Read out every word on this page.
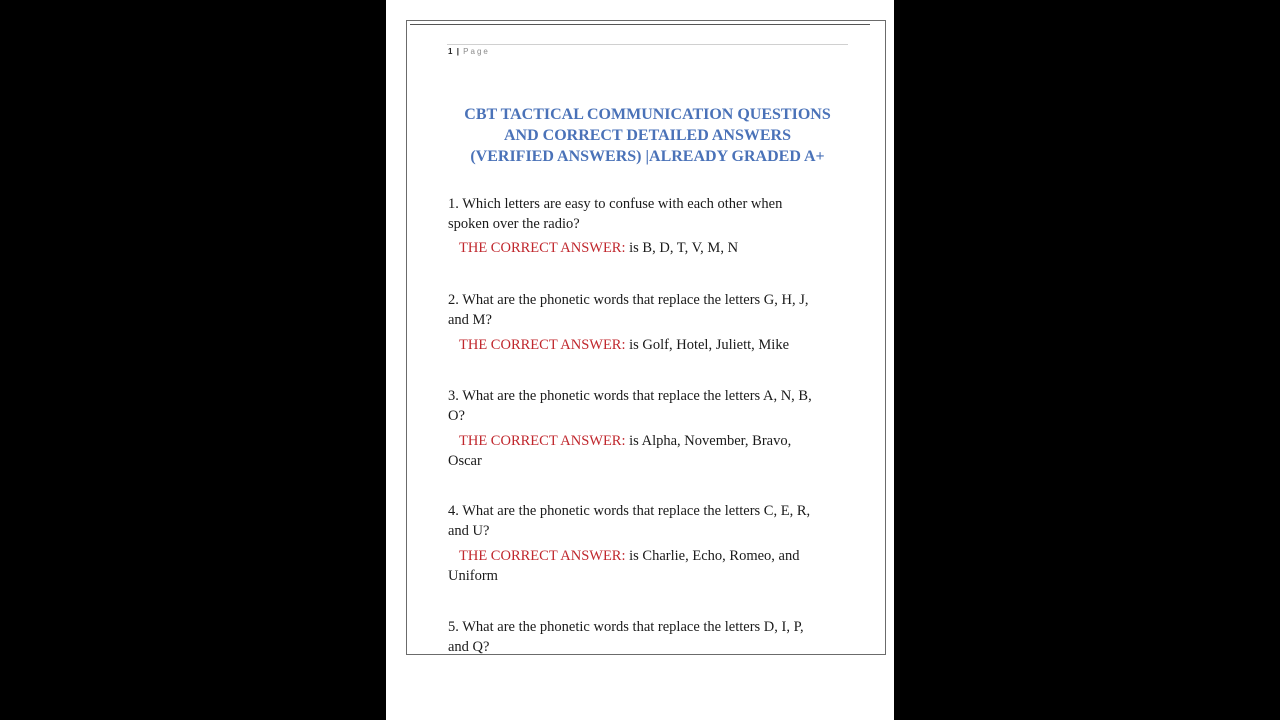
1 | Page
CBT TACTICAL COMMUNICATION QUESTIONS
AND CORRECT DETAILED ANSWERS
(VERIFIED ANSWERS) |ALREADY GRADED A+
1. Which letters are easy to confuse with each other when spoken over the radio?
THE CORRECT ANSWER: is B, D, T, V, M, N
2. What are the phonetic words that replace the letters G, H, J, and M?
THE CORRECT ANSWER: is Golf, Hotel, Juliett, Mike
3. What are the phonetic words that replace the letters A, N, B, O?
THE CORRECT ANSWER: is Alpha, November, Bravo, Oscar
4. What are the phonetic words that replace the letters C, E, R, and U?
THE CORRECT ANSWER: is Charlie, Echo, Romeo, and Uniform
5. What are the phonetic words that replace the letters D, I, P, and Q?
